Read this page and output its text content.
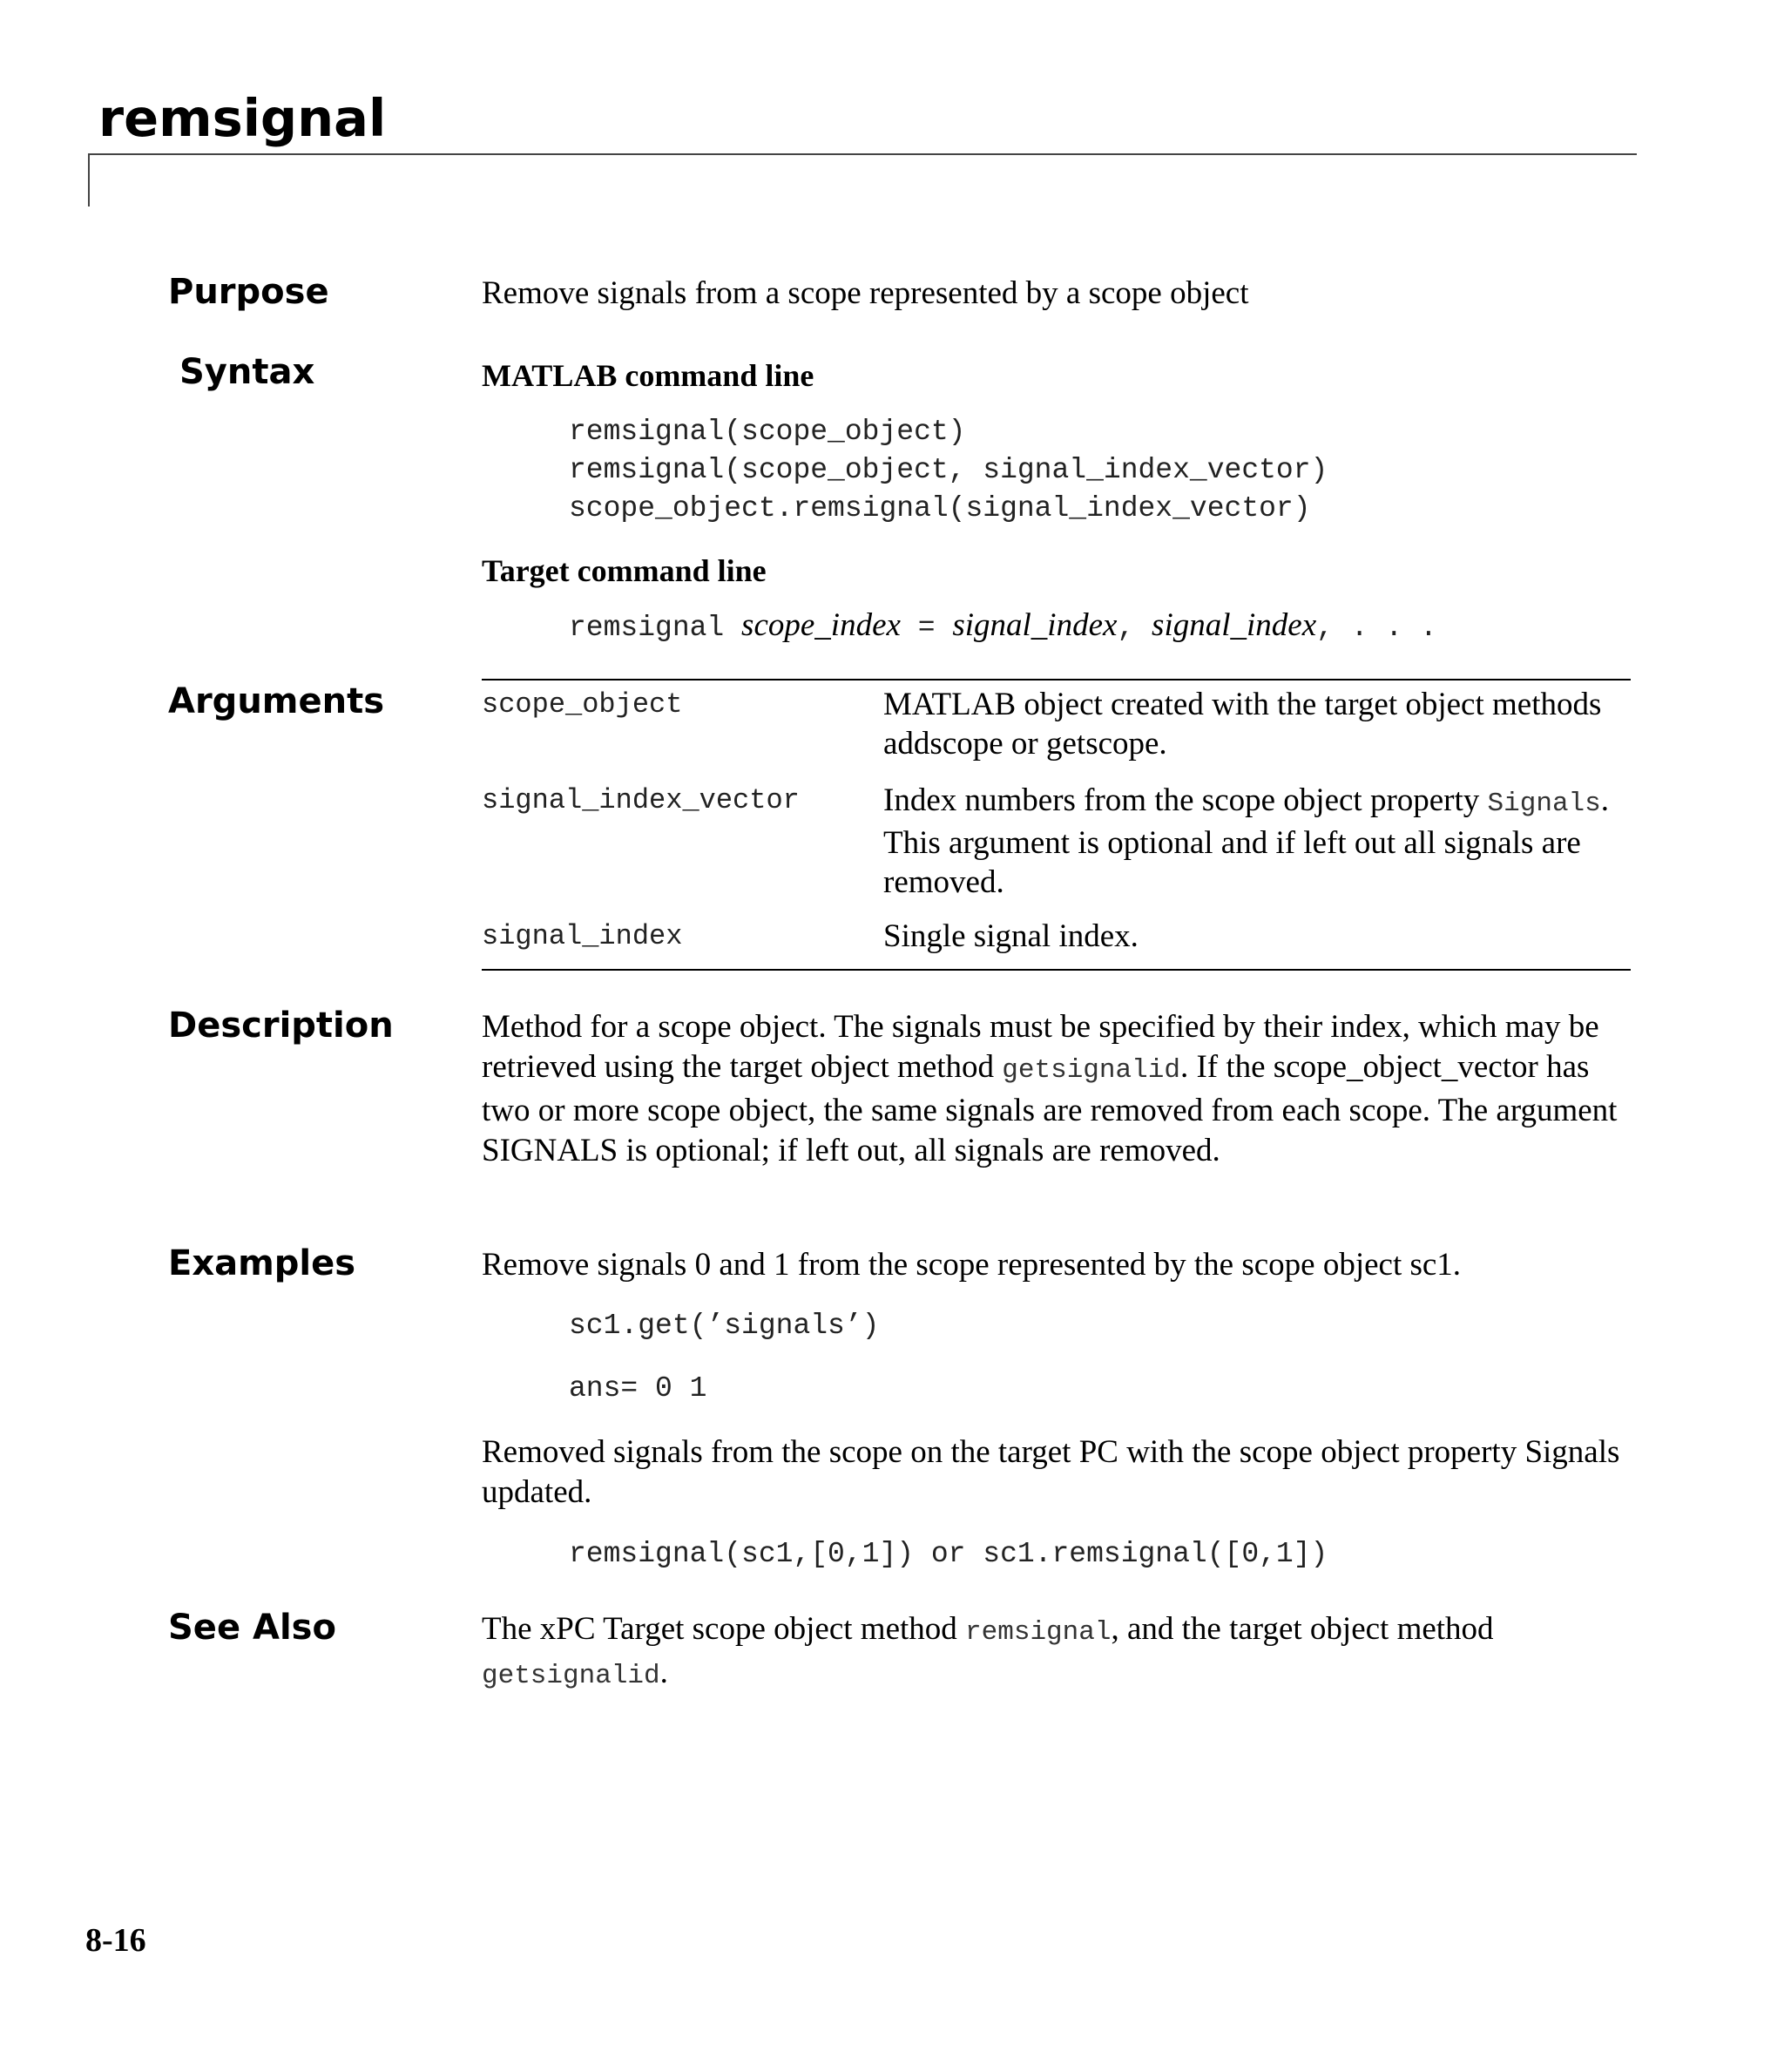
remsignal
Purpose	Remove signals from a scope represented by a scope object
Syntax	MATLAB command line
remsignal(scope_object)
remsignal(scope_object, signal_index_vector)
scope_object.remsignal(signal_index_vector)
Target command line
remsignal scope_index = signal_index, signal_index, . . .
Arguments	scope_object	MATLAB object created with the target object methods addscope or getscope.
signal_index_vector	Index numbers from the scope object property Signals. This argument is optional and if left out all signals are removed.
signal_index	Single signal index.
Description	Method for a scope object. The signals must be specified by their index, which may be retrieved using the target object method getsignalid. If the scope_object_vector has two or more scope object, the same signals are removed from each scope. The argument SIGNALS is optional; if left out, all signals are removed.
Examples	Remove signals 0 and 1 from the scope represented by the scope object sc1.
sc1.get(’signals’)
ans= 0 1
Removed signals from the scope on the target PC with the scope object property Signals updated.
remsignal(sc1,[0,1]) or sc1.remsignal([0,1])
See Also	The xPC Target scope object method remsignal, and the target object method getsignalid.
8-16
